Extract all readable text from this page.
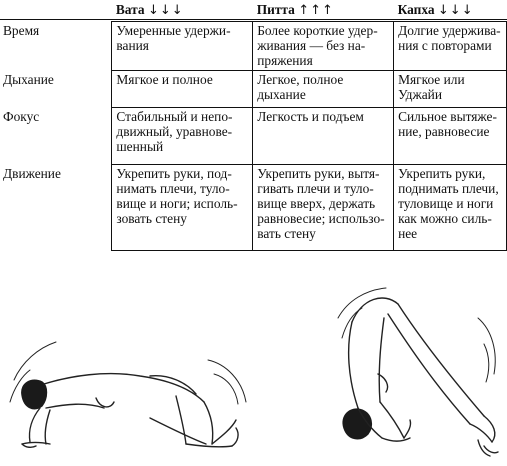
	Вата ↓↓↓	Питта ↑↑↑	Капха ↓↓↓
Время	Умеренные удержи-вания	Более короткие удер-живания — без на-пряжения	Долгие удержива-ния с повторами
Дыхание	Мягкое и полное	Легкое, полное дыхание	Мягкое или Уджайи
Фокус	Стабильный и непо-движный, уравнове-шенный	Легкость и подъем	Сильное вытяже-ние, равновесие
Движение	Укрепить руки, под-нимать плечи, туло-вище и ноги; исполь-зовать стену	Укрепить руки, вытя-гивать плечи и туло-вище вверх, держать равновесие; использо-вать стену	Укрепить руки, поднимать плечи, туловище и ноги как можно силь-нее
